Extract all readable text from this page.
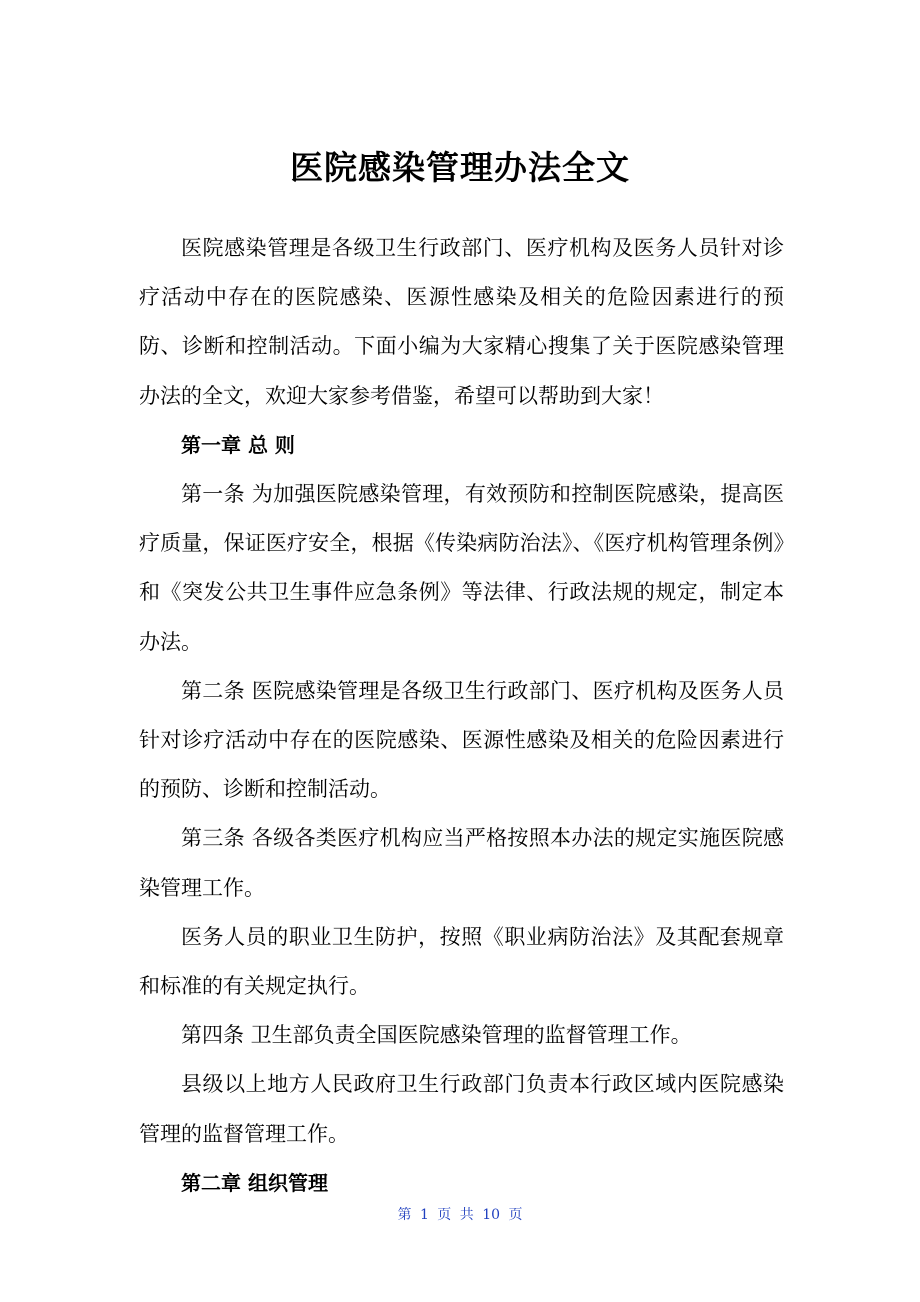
医院感染管理办法全文

医院感染管理是各级卫生行政部门、医疗机构及医务人员针对诊疗活动中存在的医院感染、医源性感染及相关的危险因素进行的预防、诊断和控制活动。下面小编为大家精心搜集了关于医院感染管理办法的全文，欢迎大家参考借鉴，希望可以帮助到大家！

第一章 总 则

第一条 为加强医院感染管理，有效预防和控制医院感染，提高医疗质量，保证医疗安全，根据《传染病防治法》、《医疗机构管理条例》和《突发公共卫生事件应急条例》等法律、行政法规的规定，制定本办法。

第二条 医院感染管理是各级卫生行政部门、医疗机构及医务人员针对诊疗活动中存在的医院感染、医源性感染及相关的危险因素进行的预防、诊断和控制活动。

第三条 各级各类医疗机构应当严格按照本办法的规定实施医院感染管理工作。

医务人员的职业卫生防护，按照《职业病防治法》及其配套规章和标准的有关规定执行。

第四条 卫生部负责全国医院感染管理的监督管理工作。

县级以上地方人民政府卫生行政部门负责本行政区域内医院感染管理的监督管理工作。

第二章 组织管理

第 1 页 共 10 页
